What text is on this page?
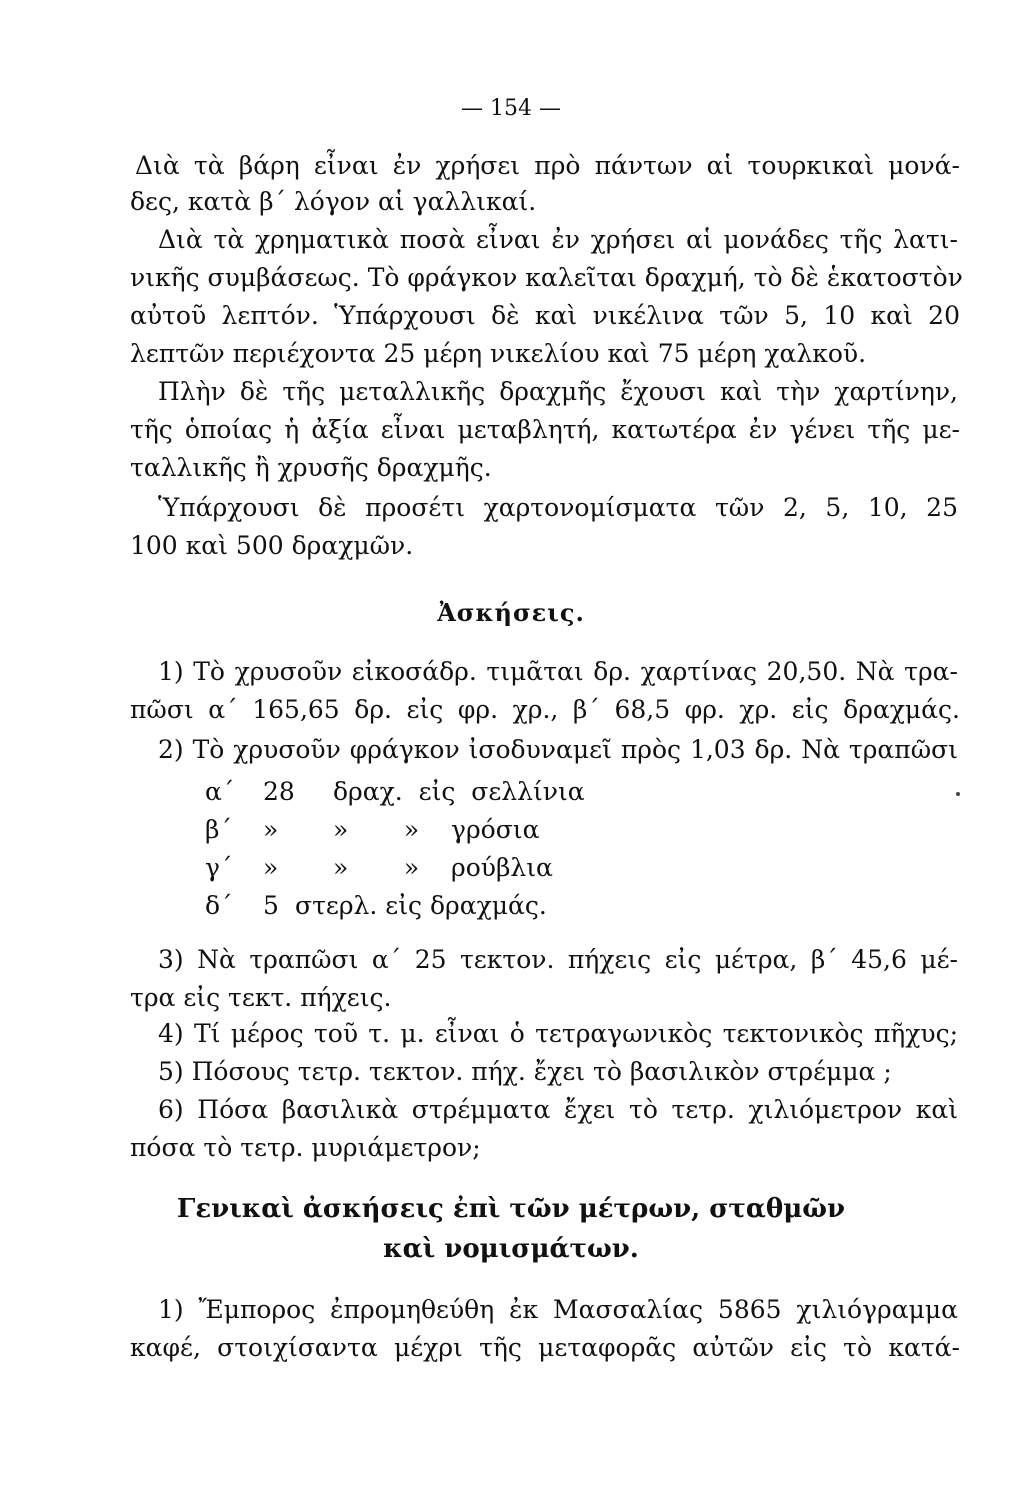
— 154 —
Διὰ τὰ βάρη εἶναι ἐν χρήσει πρὸ πάντων αἱ τουρκικαὶ μονά-
δες, κατὰ β΄ λόγον αἱ γαλλικαί.
Διὰ τὰ χρηματικὰ ποσὰ εἶναι ἐν χρήσει αἱ μονάδες τῆς λατι-
νικῆς συμβάσεως. Τὸ φράγκον καλεῖται δραχμή, τὸ δὲ ἑκατοστὸν
αὐτοῦ λεπτόν. Ὑπάρχουσι δὲ καὶ νικέλινα τῶν 5, 10 καὶ 20
λεπτῶν περιέχοντα 25 μέρη νικελίου καὶ 75 μέρη χαλκοῦ.
Πλὴν δὲ τῆς μεταλλικῆς δραχμῆς ἔχουσι καὶ τὴν χαρτίνην,
τῆς ὁποίας ἡ ἀξία εἶναι μεταβλητή, κατωτέρα ἐν γένει τῆς με-
ταλλικῆς ἢ χρυσῆς δραχμῆς.
Ὑπάρχουσι δὲ προσέτι χαρτονομίσματα τῶν 2, 5, 10, 25
100 καὶ 500 δραχμῶν.
Ἀσκήσεις.
1) Τὸ χρυσοῦν εἰκοσάδρ. τιμᾶται δρ. χαρτίνας 20,50. Νὰ τρα-
πῶσι α΄ 165,65 δρ. εἰς φρ. χρ., β΄ 68,5 φρ. χρ. εἰς δραχμάς.
2) Τὸ χρυσοῦν φράγκον ἰσοδυναμεῖ πρὸς 1,03 δρ. Νὰ τραπῶσι
α΄ 28 δραχ.  εἰς  σελλίνια
β΄ » »       »    γρόσια
γ΄ » »       »    ρούβλια
δ΄ 5 στερλ. εἰς δραχμάς.
3) Νὰ τραπῶσι α΄ 25 τεκτον. πήχεις εἰς μέτρα, β΄ 45,6 μέ-
τρα εἰς τεκτ. πήχεις.
4) Τί μέρος τοῦ τ. μ. εἶναι ὁ τετραγωνικὸς τεκτονικὸς πῆχυς;
5) Πόσους τετρ. τεκτον. πήχ. ἔχει τὸ βασιλικὸν στρέμμα ;
6) Πόσα βασιλικὰ στρέμματα ἔχει τὸ τετρ. χιλιόμετρον καὶ
πόσα τὸ τετρ. μυριάμετρον;
Γενικαὶ ἀσκήσεις ἐπὶ τῶν μέτρων, σταθμῶν
καὶ νομισμάτων.
1) Ἔμπορος ἐπρομηθεύθη ἐκ Μασσαλίας 5865 χιλιόγραμμα
καφέ, στοιχίσαντα μέχρι τῆς μεταφορᾶς αὐτῶν εἰς τὸ κατά-
